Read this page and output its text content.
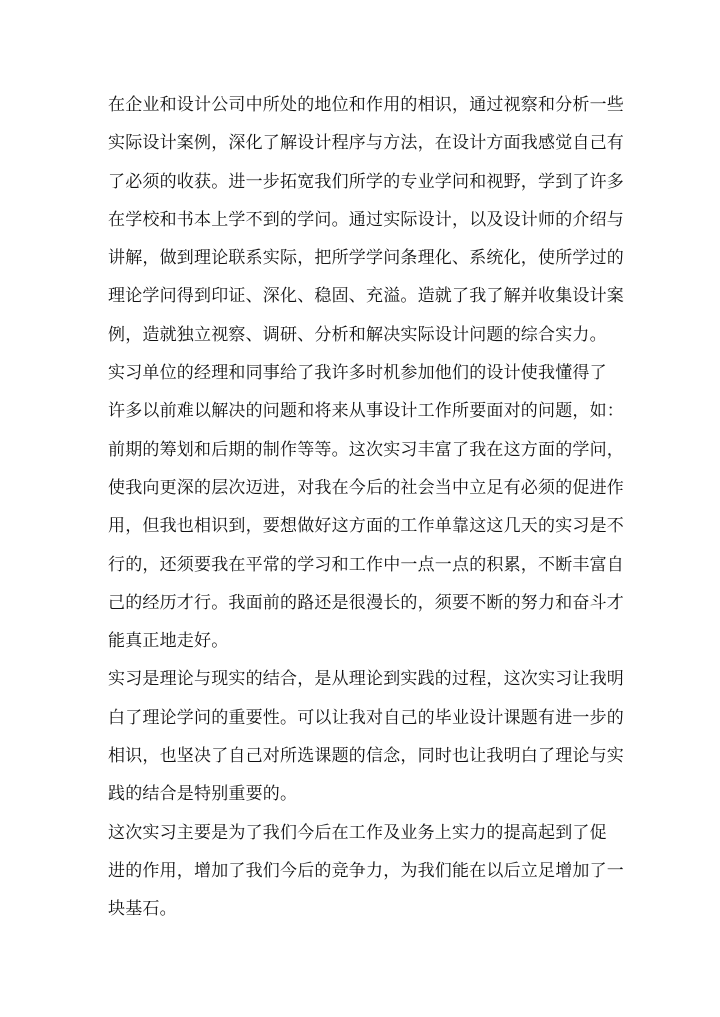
在企业和设计公司中所处的地位和作用的相识，通过视察和分析一些
实际设计案例，深化了解设计程序与方法，在设计方面我感觉自己有
了必须的收获。进一步拓宽我们所学的专业学问和视野，学到了许多
在学校和书本上学不到的学问。通过实际设计，以及设计师的介绍与
讲解，做到理论联系实际，把所学学问条理化、系统化，使所学过的
理论学问得到印证、深化、稳固、充溢。造就了我了解并收集设计案
例，造就独立视察、调研、分析和解决实际设计问题的综合实力。
实习单位的经理和同事给了我许多时机参加他们的设计使我懂得了
许多以前难以解决的问题和将来从事设计工作所要面对的问题，如：
前期的筹划和后期的制作等等。这次实习丰富了我在这方面的学问，
使我向更深的层次迈进，对我在今后的社会当中立足有必须的促进作
用，但我也相识到，要想做好这方面的工作单靠这这几天的实习是不
行的，还须要我在平常的学习和工作中一点一点的积累，不断丰富自
己的经历才行。我面前的路还是很漫长的，须要不断的努力和奋斗才
能真正地走好。
实习是理论与现实的结合，是从理论到实践的过程，这次实习让我明
白了理论学问的重要性。可以让我对自己的毕业设计课题有进一步的
相识，也坚决了自己对所选课题的信念，同时也让我明白了理论与实
践的结合是特别重要的。
这次实习主要是为了我们今后在工作及业务上实力的提高起到了促
进的作用，增加了我们今后的竞争力，为我们能在以后立足增加了一
块基石。
